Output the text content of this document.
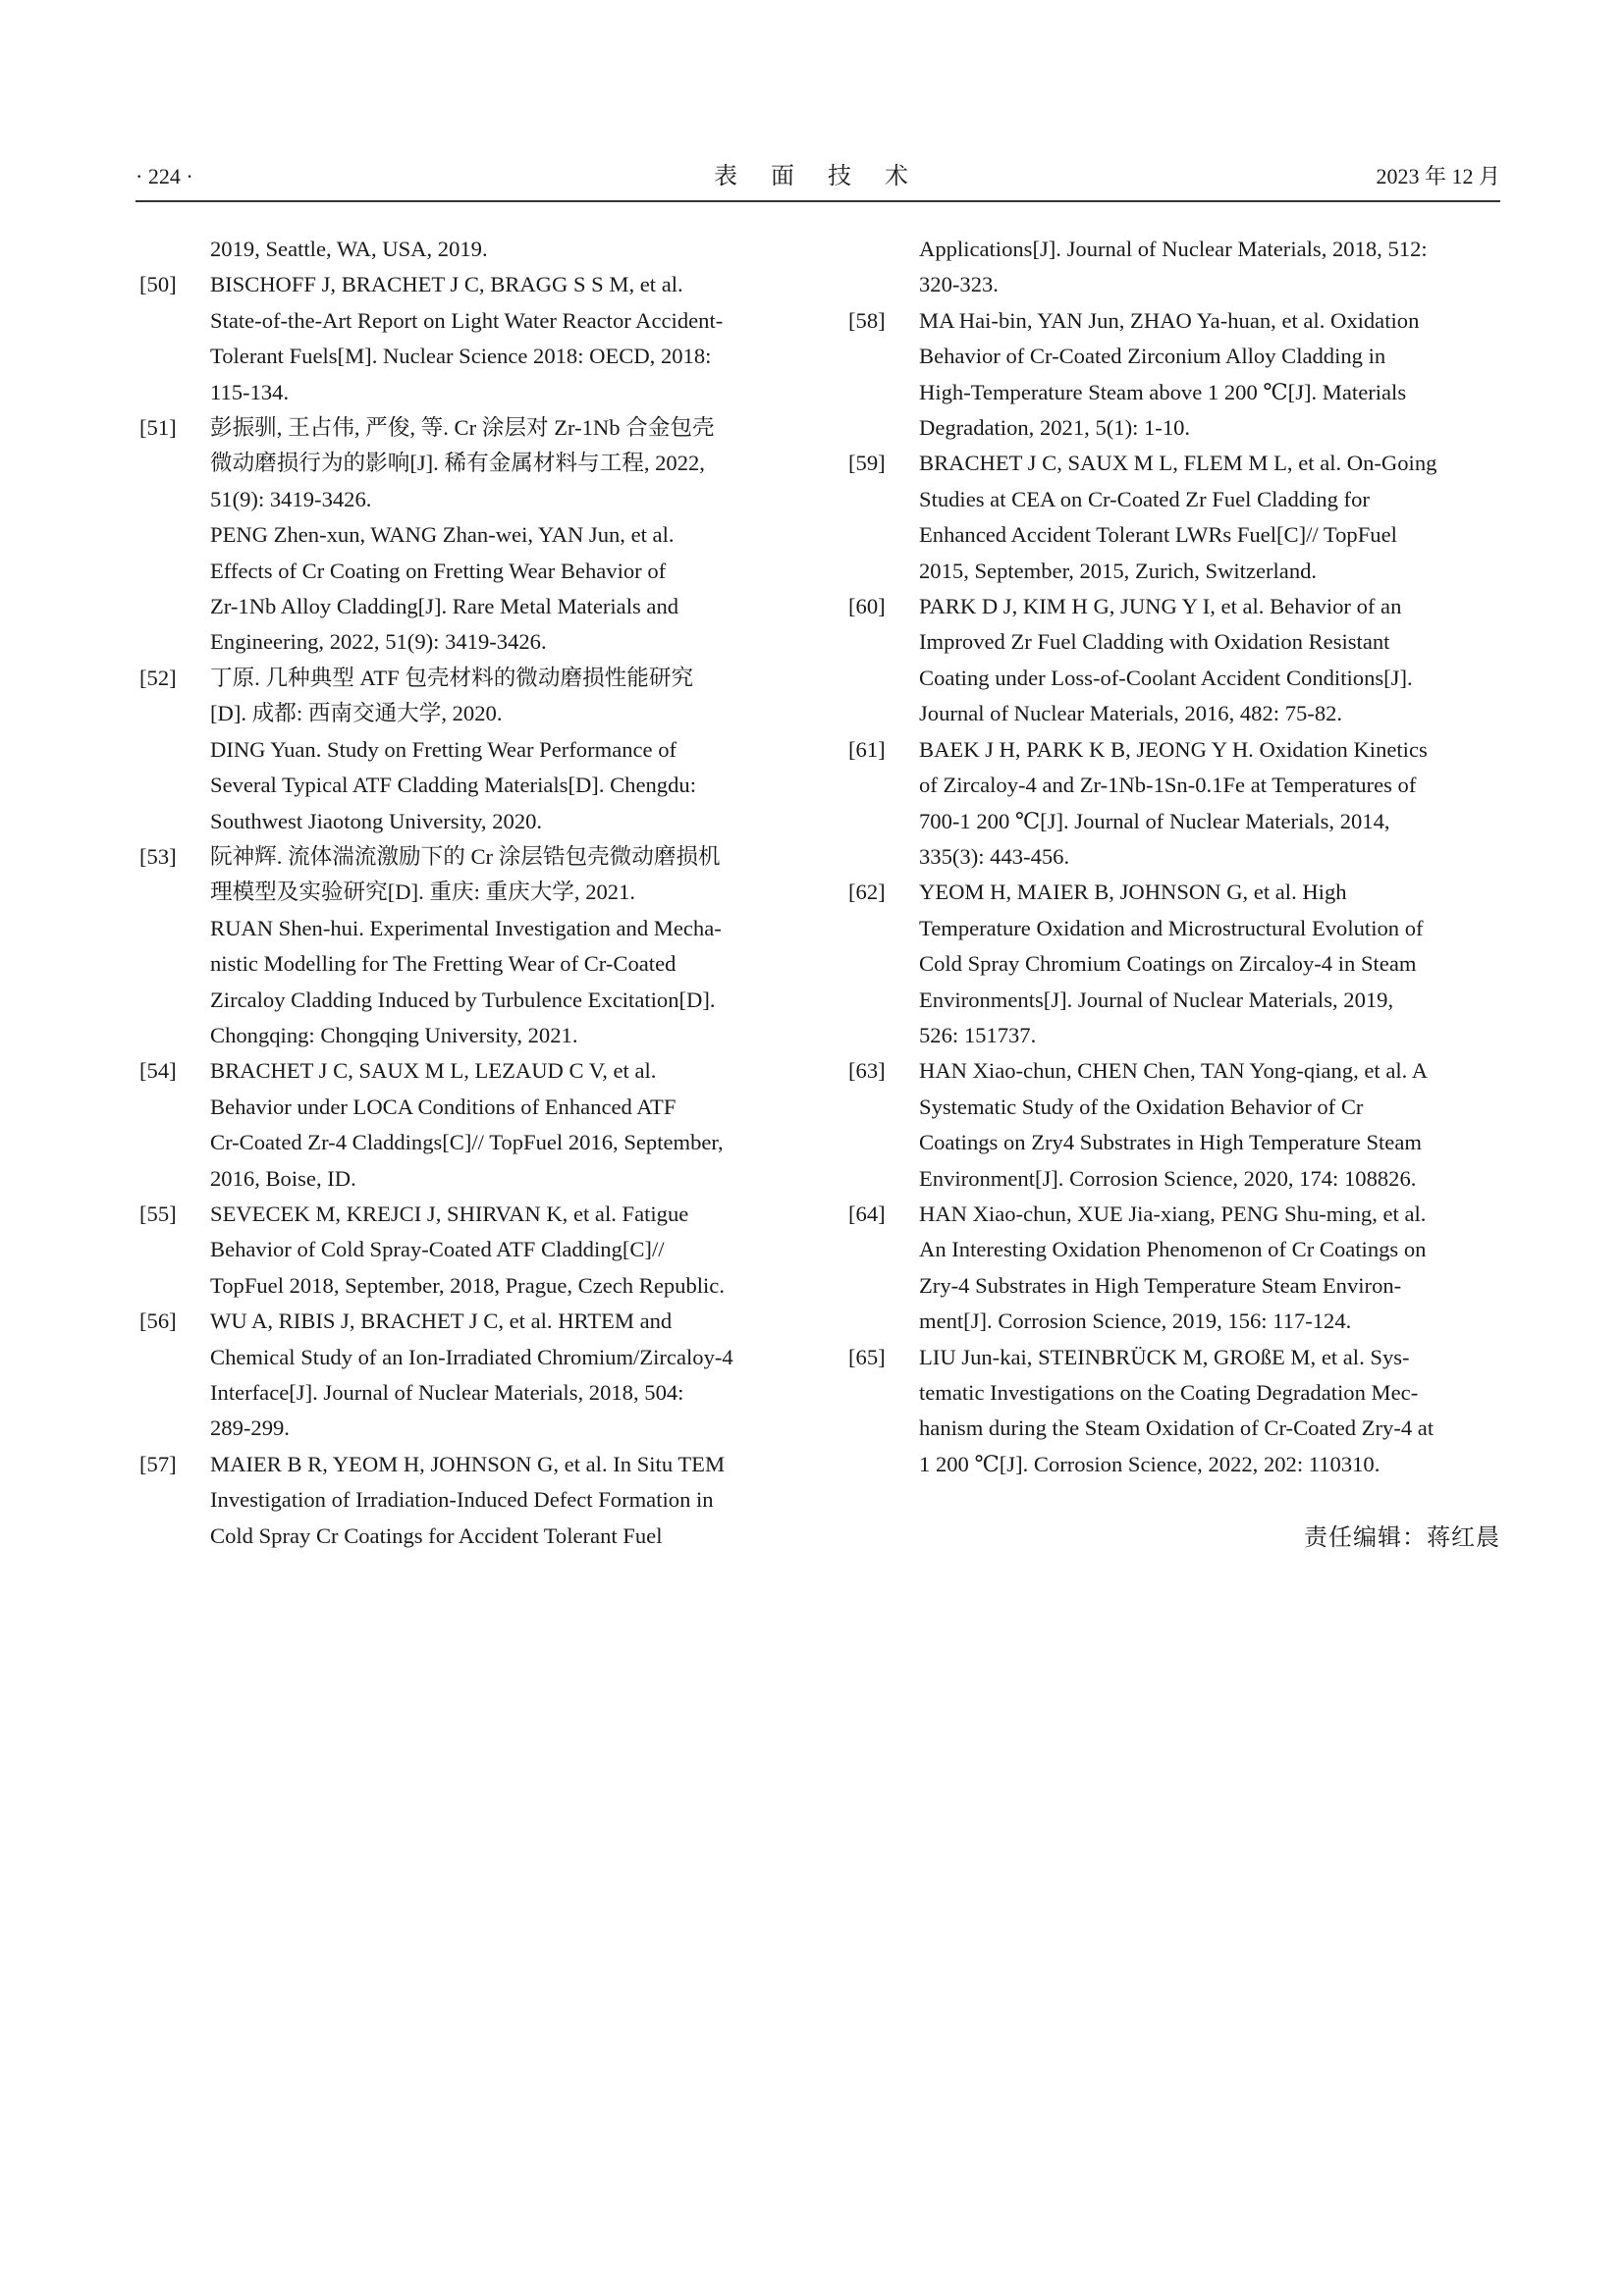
· 224 ·	表 面 技 术	2023 年 12 月
2019, Seattle, WA, USA, 2019.
[50] BISCHOFF J, BRACHET J C, BRAGG S S M, et al.
State-of-the-Art Report on Light Water Reactor Accident-
Tolerant Fuels[M]. Nuclear Science 2018: OECD, 2018:
115-134.
[51] 彭振驯, 王占伟, 严俊, 等. Cr 涂层对 Zr-1Nb 合金包壳
微动磨损行为的影响[J]. 稀有金属材料与工程, 2022,
51(9): 3419-3426.
PENG Zhen-xun, WANG Zhan-wei, YAN Jun, et al.
Effects of Cr Coating on Fretting Wear Behavior of
Zr-1Nb Alloy Cladding[J]. Rare Metal Materials and
Engineering, 2022, 51(9): 3419-3426.
[52] 丁原. 几种典型 ATF 包壳材料的微动磨损性能研究
[D]. 成都: 西南交通大学, 2020.
DING Yuan. Study on Fretting Wear Performance of
Several Typical ATF Cladding Materials[D]. Chengdu:
Southwest Jiaotong University, 2020.
[53] 阮神辉. 流体湍流激励下的 Cr 涂层锆包壳微动磨损机
理模型及实验研究[D]. 重庆: 重庆大学, 2021.
RUAN Shen-hui. Experimental Investigation and Mecha-
nistic Modelling for The Fretting Wear of Cr-Coated
Zircaloy Cladding Induced by Turbulence Excitation[D].
Chongqing: Chongqing University, 2021.
[54] BRACHET J C, SAUX M L, LEZAUD C V, et al.
Behavior under LOCA Conditions of Enhanced ATF
Cr-Coated Zr-4 Claddings[C]// TopFuel 2016, September,
2016, Boise, ID.
[55] SEVECEK M, KREJCI J, SHIRVAN K, et al. Fatigue
Behavior of Cold Spray-Coated ATF Cladding[C]//
TopFuel 2018, September, 2018, Prague, Czech Republic.
[56] WU A, RIBIS J, BRACHET J C, et al. HRTEM and
Chemical Study of an Ion-Irradiated Chromium/Zircaloy-4
Interface[J]. Journal of Nuclear Materials, 2018, 504:
289-299.
[57] MAIER B R, YEOM H, JOHNSON G, et al. In Situ TEM
Investigation of Irradiation-Induced Defect Formation in
Cold Spray Cr Coatings for Accident Tolerant Fuel
Applications[J]. Journal of Nuclear Materials, 2018, 512:
320-323.
[58] MA Hai-bin, YAN Jun, ZHAO Ya-huan, et al. Oxidation
Behavior of Cr-Coated Zirconium Alloy Cladding in
High-Temperature Steam above 1 200 ℃[J]. Materials
Degradation, 2021, 5(1): 1-10.
[59] BRACHET J C, SAUX M L, FLEM M L, et al. On-Going
Studies at CEA on Cr-Coated Zr Fuel Cladding for
Enhanced Accident Tolerant LWRs Fuel[C]// TopFuel
2015, September, 2015, Zurich, Switzerland.
[60] PARK D J, KIM H G, JUNG Y I, et al. Behavior of an
Improved Zr Fuel Cladding with Oxidation Resistant
Coating under Loss-of-Coolant Accident Conditions[J].
Journal of Nuclear Materials, 2016, 482: 75-82.
[61] BAEK J H, PARK K B, JEONG Y H. Oxidation Kinetics
of Zircaloy-4 and Zr-1Nb-1Sn-0.1Fe at Temperatures of
700-1 200 ℃[J]. Journal of Nuclear Materials, 2014,
335(3): 443-456.
[62] YEOM H, MAIER B, JOHNSON G, et al. High
Temperature Oxidation and Microstructural Evolution of
Cold Spray Chromium Coatings on Zircaloy-4 in Steam
Environments[J]. Journal of Nuclear Materials, 2019,
526: 151737.
[63] HAN Xiao-chun, CHEN Chen, TAN Yong-qiang, et al. A
Systematic Study of the Oxidation Behavior of Cr
Coatings on Zry4 Substrates in High Temperature Steam
Environment[J]. Corrosion Science, 2020, 174: 108826.
[64] HAN Xiao-chun, XUE Jia-xiang, PENG Shu-ming, et al.
An Interesting Oxidation Phenomenon of Cr Coatings on
Zry-4 Substrates in High Temperature Steam Environ-
ment[J]. Corrosion Science, 2019, 156: 117-124.
[65] LIU Jun-kai, STEINBRÜCK M, GROßE M, et al. Sys-
tematic Investigations on the Coating Degradation Mec-
hanism during the Steam Oxidation of Cr-Coated Zry-4 at
1 200 ℃[J]. Corrosion Science, 2022, 202: 110310.
责任编辑：蒋红晨
